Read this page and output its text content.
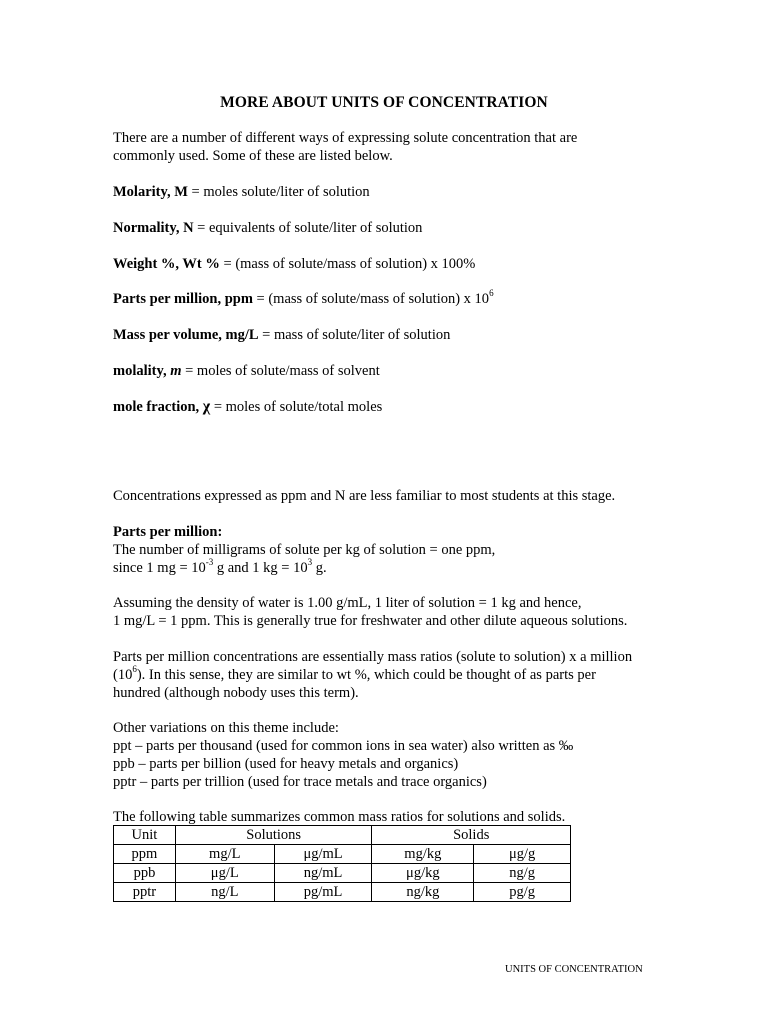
MORE ABOUT UNITS OF CONCENTRATION
There are a number of different ways of expressing solute concentration that are
commonly used. Some of these are listed below.
Molarity, M = moles solute/liter of solution
Normality, N = equivalents of solute/liter of solution
Weight %, Wt % = (mass of solute/mass of solution) x 100%
Parts per million, ppm = (mass of solute/mass of solution) x $10^6$
Mass per volume, mg/L = mass of solute/liter of solution
molality, m = moles of solute/mass of solvent
mole fraction, χ = moles of solute/total moles
Concentrations expressed as ppm and N are less familiar to most students at this stage.
Parts per million:
The number of milligrams of solute per kg of solution = one ppm,
since 1 mg = $10^{-3}$ g and 1 kg = $10^3$ g.
Assuming the density of water is 1.00 g/mL, 1 liter of solution = 1 kg and hence,
1 mg/L = 1 ppm. This is generally true for freshwater and other dilute aqueous solutions.
Parts per million concentrations are essentially mass ratios (solute to solution) x a million
$(10^6)$. In this sense, they are similar to wt %, which could be thought of as parts per
hundred (although nobody uses this term).
Other variations on this theme include:
ppt – parts per thousand (used for common ions in sea water) also written as ‰
ppb – parts per billion (used for heavy metals and organics)
pptr – parts per trillion (used for trace metals and trace organics)
The following table summarizes common mass ratios for solutions and solids.
Unit	Solutions		Solids	
ppm	mg/L	μg/mL	mg/kg	μg/g
ppb	μg/L	ng/mL	μg/kg	ng/g
pptr	ng/L	pg/mL	ng/kg	pg/g
UNITS OF CONCENTRATION
